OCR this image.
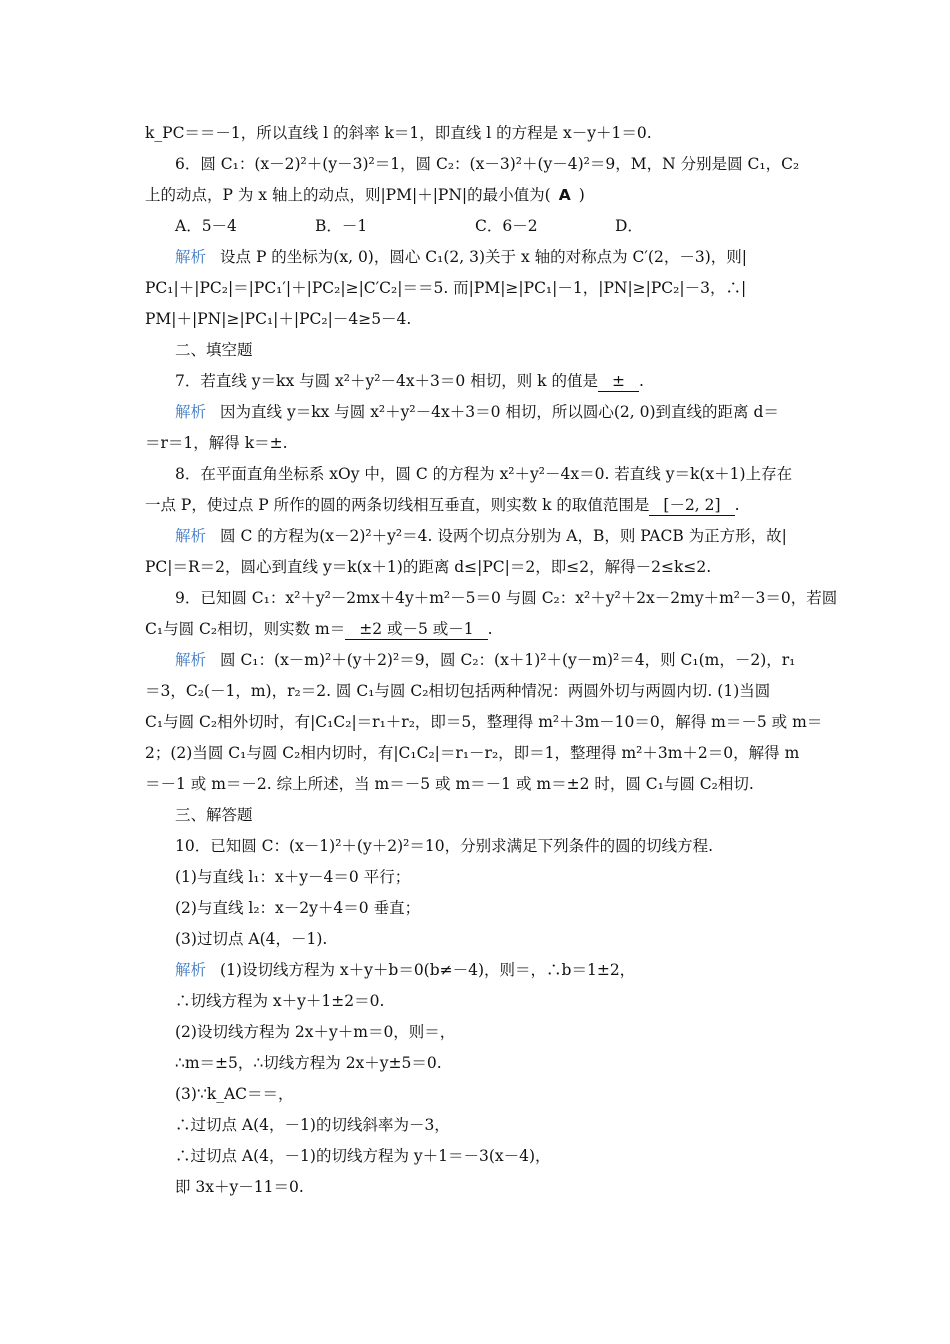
k_PC＝＝－1，所以直线 l 的斜率 k＝1，即直线 l 的方程是 x－y＋1＝0.
6．圆 C₁：(x－2)²＋(y－3)²＝1，圆 C₂：(x－3)²＋(y－4)²＝9，M，N 分别是圆 C₁，C₂
上的动点，P 为 x 轴上的动点，则|PM|＋|PN|的最小值为( A )
A．5－4	B．－1	C．6－2	D．
解析 设点 P 的坐标为(x, 0)，圆心 C₁(2, 3)关于 x 轴的对称点为 C′(2，－3)，则|
PC₁|＋|PC₂|＝|PC₁′|＋|PC₂|≥|C′C₂|＝＝5. 而|PM|≥|PC₁|－1，|PN|≥|PC₂|－3，∴|
PM|＋|PN|≥|PC₁|＋|PC₂|－4≥5－4.
二、填空题
7．若直线 y＝kx 与圆 x²＋y²－4x＋3＝0 相切，则 k 的值是 ± .
解析 因为直线 y＝kx 与圆 x²＋y²－4x＋3＝0 相切，所以圆心(2, 0)到直线的距离 d＝
＝r＝1，解得 k＝±.
8．在平面直角坐标系 xOy 中，圆 C 的方程为 x²＋y²－4x＝0. 若直线 y＝k(x＋1)上存在
一点 P，使过点 P 所作的圆的两条切线相互垂直，则实数 k 的取值范围是 [－2, 2] .
解析 圆 C 的方程为(x－2)²＋y²＝4. 设两个切点分别为 A，B，则 PACB 为正方形，故|
PC|＝R＝2，圆心到直线 y＝k(x＋1)的距离 d≤|PC|＝2，即≤2，解得－2≤k≤2.
9．已知圆 C₁：x²＋y²－2mx＋4y＋m²－5＝0 与圆 C₂：x²＋y²＋2x－2my＋m²－3＝0，若圆
C₁与圆 C₂相切，则实数 m＝ ±2 或－5 或－1 .
解析 圆 C₁：(x－m)²＋(y＋2)²＝9，圆 C₂：(x＋1)²＋(y－m)²＝4，则 C₁(m，－2)，r₁
＝3，C₂(－1，m)，r₂＝2. 圆 C₁与圆 C₂相切包括两种情况：两圆外切与两圆内切. (1)当圆
C₁与圆 C₂相外切时，有|C₁C₂|＝r₁＋r₂，即＝5，整理得 m²＋3m－10＝0，解得 m＝－5 或 m＝
2；(2)当圆 C₁与圆 C₂相内切时，有|C₁C₂|＝r₁－r₂，即＝1，整理得 m²＋3m＋2＝0，解得 m
＝－1 或 m＝－2. 综上所述，当 m＝－5 或 m＝－1 或 m＝±2 时，圆 C₁与圆 C₂相切.
三、解答题
10．已知圆 C：(x－1)²＋(y＋2)²＝10，分别求满足下列条件的圆的切线方程.
(1)与直线 l₁：x＋y－4＝0 平行；
(2)与直线 l₂：x－2y＋4＝0 垂直；
(3)过切点 A(4，－1).
解析 (1)设切线方程为 x＋y＋b＝0(b≠－4)，则＝，∴b＝1±2，
∴切线方程为 x＋y＋1±2＝0.
(2)设切线方程为 2x＋y＋m＝0，则＝，
∴m＝±5，∴切线方程为 2x＋y±5＝0.
(3)∵k_AC＝＝，
∴过切点 A(4，－1)的切线斜率为－3，
∴过切点 A(4，－1)的切线方程为 y＋1＝－3(x－4)，
即 3x＋y－11＝0.
